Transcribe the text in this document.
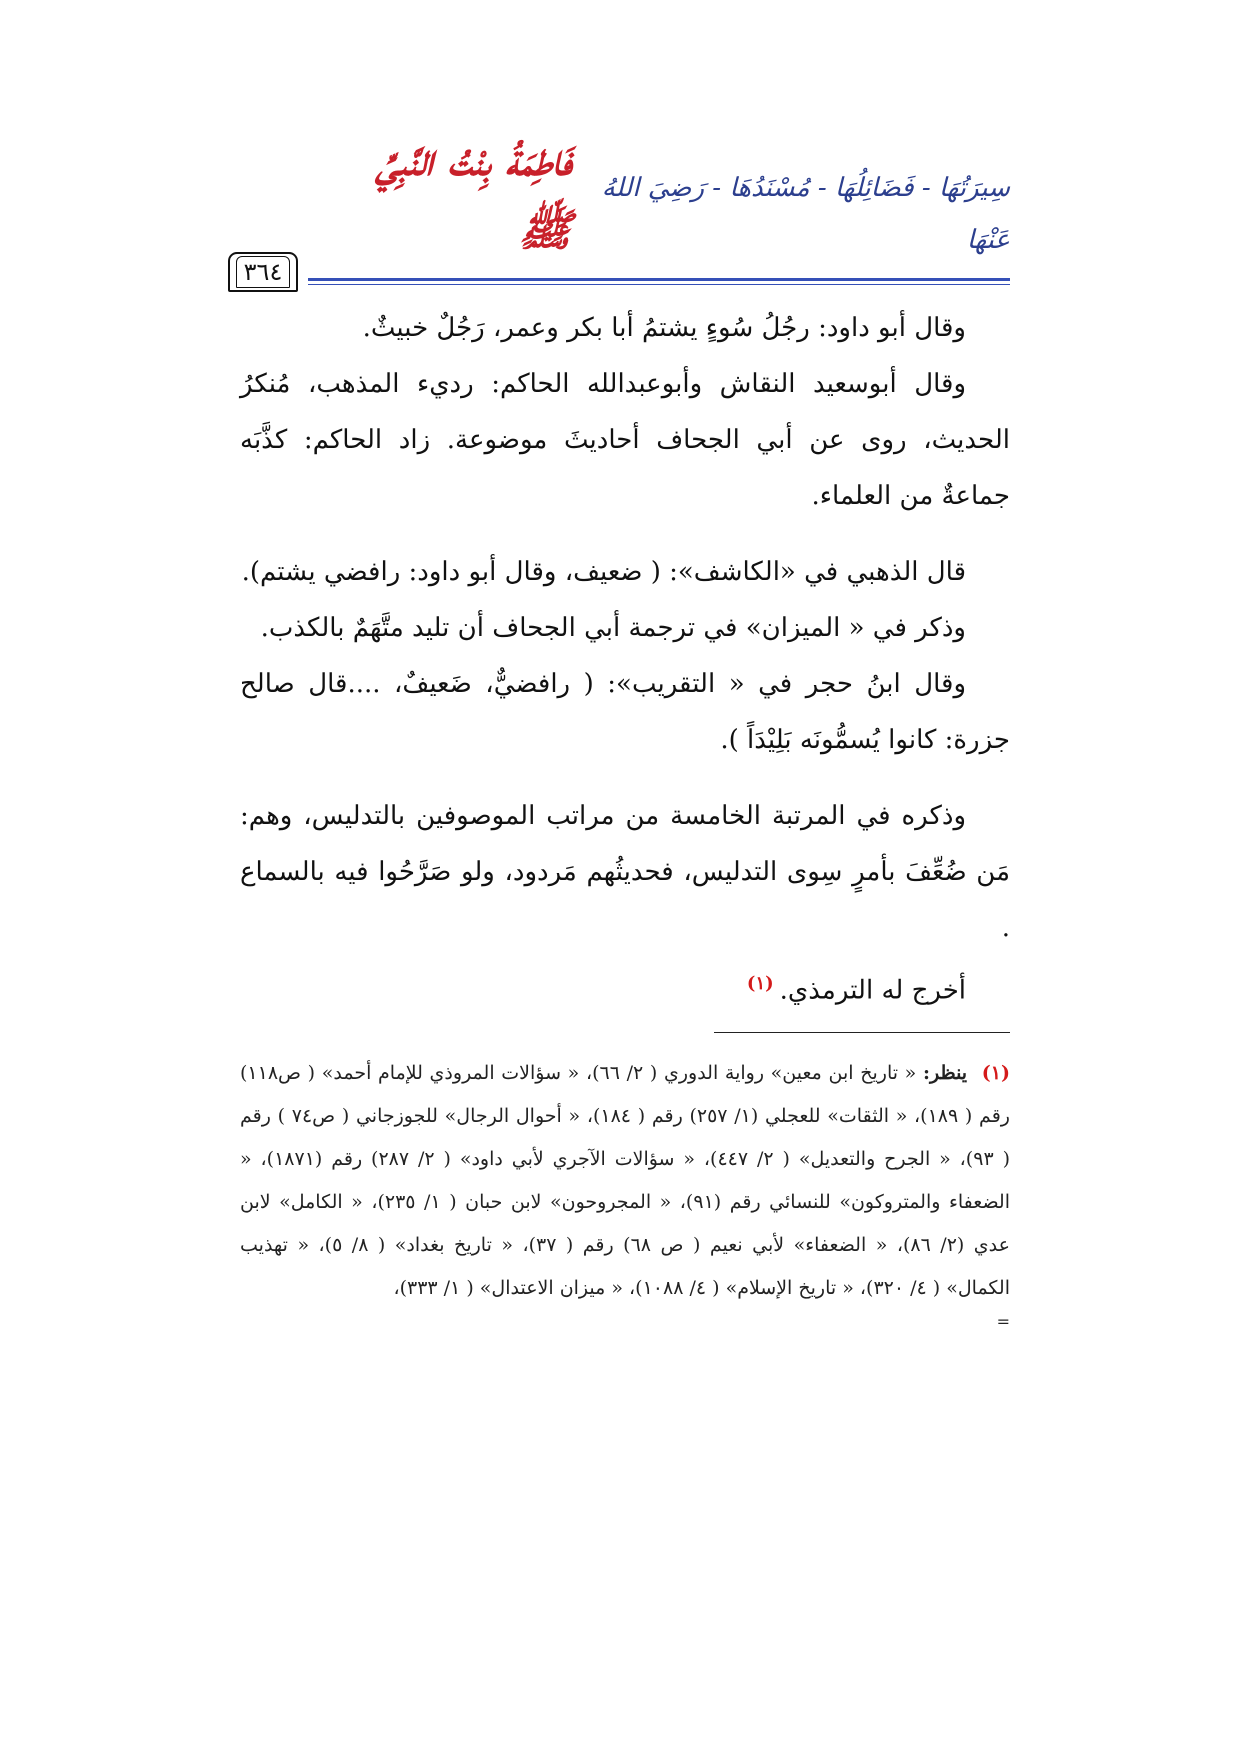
٣٦٤
فَاطِمَةُ بِنْتُ النَّبِيِّ ﷺ
سِيرَتُهَا - فَضَائِلُهَا - مُسْنَدُهَا - رَضِيَ اللهُ عَنْهَا

وقال أبو داود: رجُلُ سُوءٍ يشتمُ أبا بكر وعمر، رَجُلٌ خبيثٌ.

وقال أبوسعيد النقاش وأبوعبدالله الحاكم: رديء المذهب، مُنكرُ الحديث، روى عن أبي الجحاف أحاديثَ موضوعة. زاد الحاكم: كذَّبَه جماعةٌ من العلماء.

قال الذهبي في «الكاشف»: ( ضعيف، وقال أبو داود: رافضي يشتم).

وذكر في « الميزان» في ترجمة أبي الجحاف أن تليد متَّهَمٌ بالكذب.

وقال ابنُ حجر في « التقريب»: ( رافضيٌّ، ضَعيفٌ، ....قال صالح جزرة: كانوا يُسمُّونَه بَلِيْدَاً ).

وذكره في المرتبة الخامسة من مراتب الموصوفين بالتدليس، وهم: مَن ضُعِّفَ بأمرٍ سِوى التدليس، فحديثُهم مَردود، ولو صَرَّحُوا فيه بالسماع .

أخرج له الترمذي.$^{(١)}$

(١) ينظر: « تاريخ ابن معين» رواية الدوري ( ٢/ ٦٦)، « سؤالات المروذي للإمام أحمد» ( ص١١٨) رقم ( ١٨٩)، « الثقات» للعجلي (١/ ٢٥٧) رقم ( ١٨٤)، « أحوال الرجال» للجوزجاني ( ص٧٤ ) رقم ( ٩٣)، « الجرح والتعديل» ( ٢/ ٤٤٧)، « سؤالات الآجري لأبي داود» ( ٢/ ٢٨٧) رقم (١٨٧١)، « الضعفاء والمتروكون» للنسائي رقم (٩١)، « المجروحون» لابن حبان ( ١/ ٢٣٥)، « الكامل» لابن عدي (٢/ ٨٦)، « الضعفاء» لأبي نعيم ( ص ٦٨) رقم ( ٣٧)، « تاريخ بغداد» ( ٨/ ٥)، « تهذيب الكمال» ( ٤/ ٣٢٠)، « تاريخ الإسلام» ( ٤/ ١٠٨٨)، « ميزان الاعتدال» ( ١/ ٣٣٣)،

=
